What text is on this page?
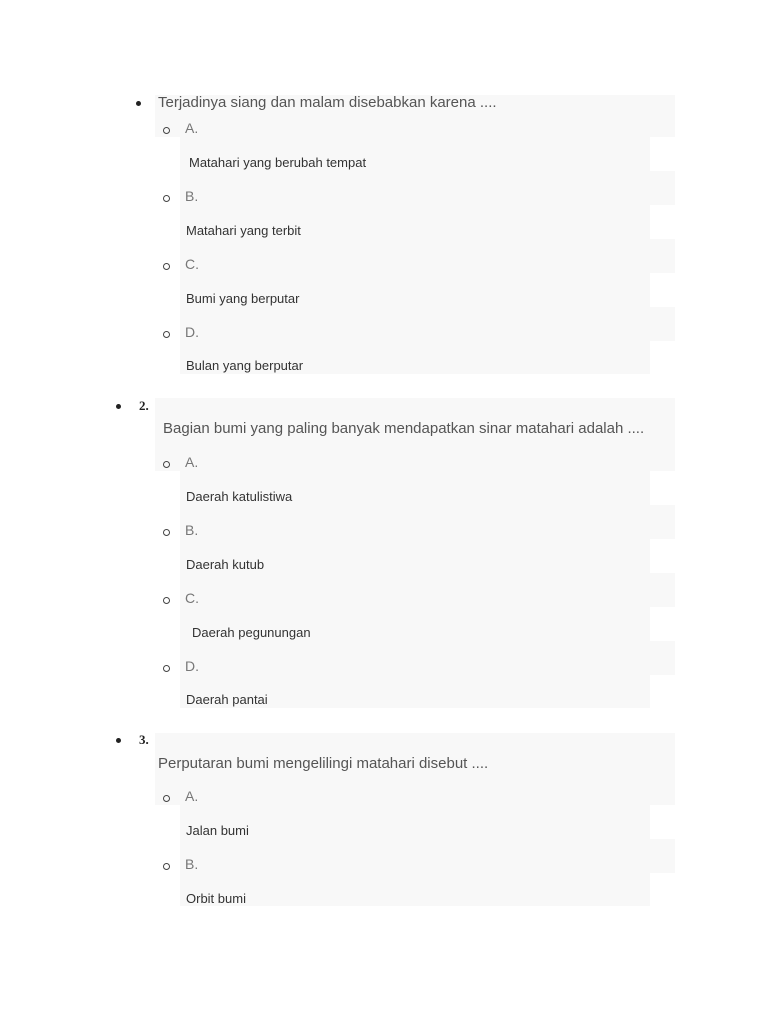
Terjadinya siang dan malam disebabkan karena ....
A.
Matahari yang berubah tempat
B.
Matahari yang terbit
C.
Bumi yang berputar
D.
Bulan yang berputar
2.
Bagian bumi yang paling banyak mendapatkan sinar matahari adalah ....
A.
Daerah katulistiwa
B.
Daerah kutub
C.
Daerah pegunungan
D.
Daerah pantai
3.
Perputaran bumi mengelilingi matahari disebut ....
A.
Jalan bumi
B.
Orbit bumi
